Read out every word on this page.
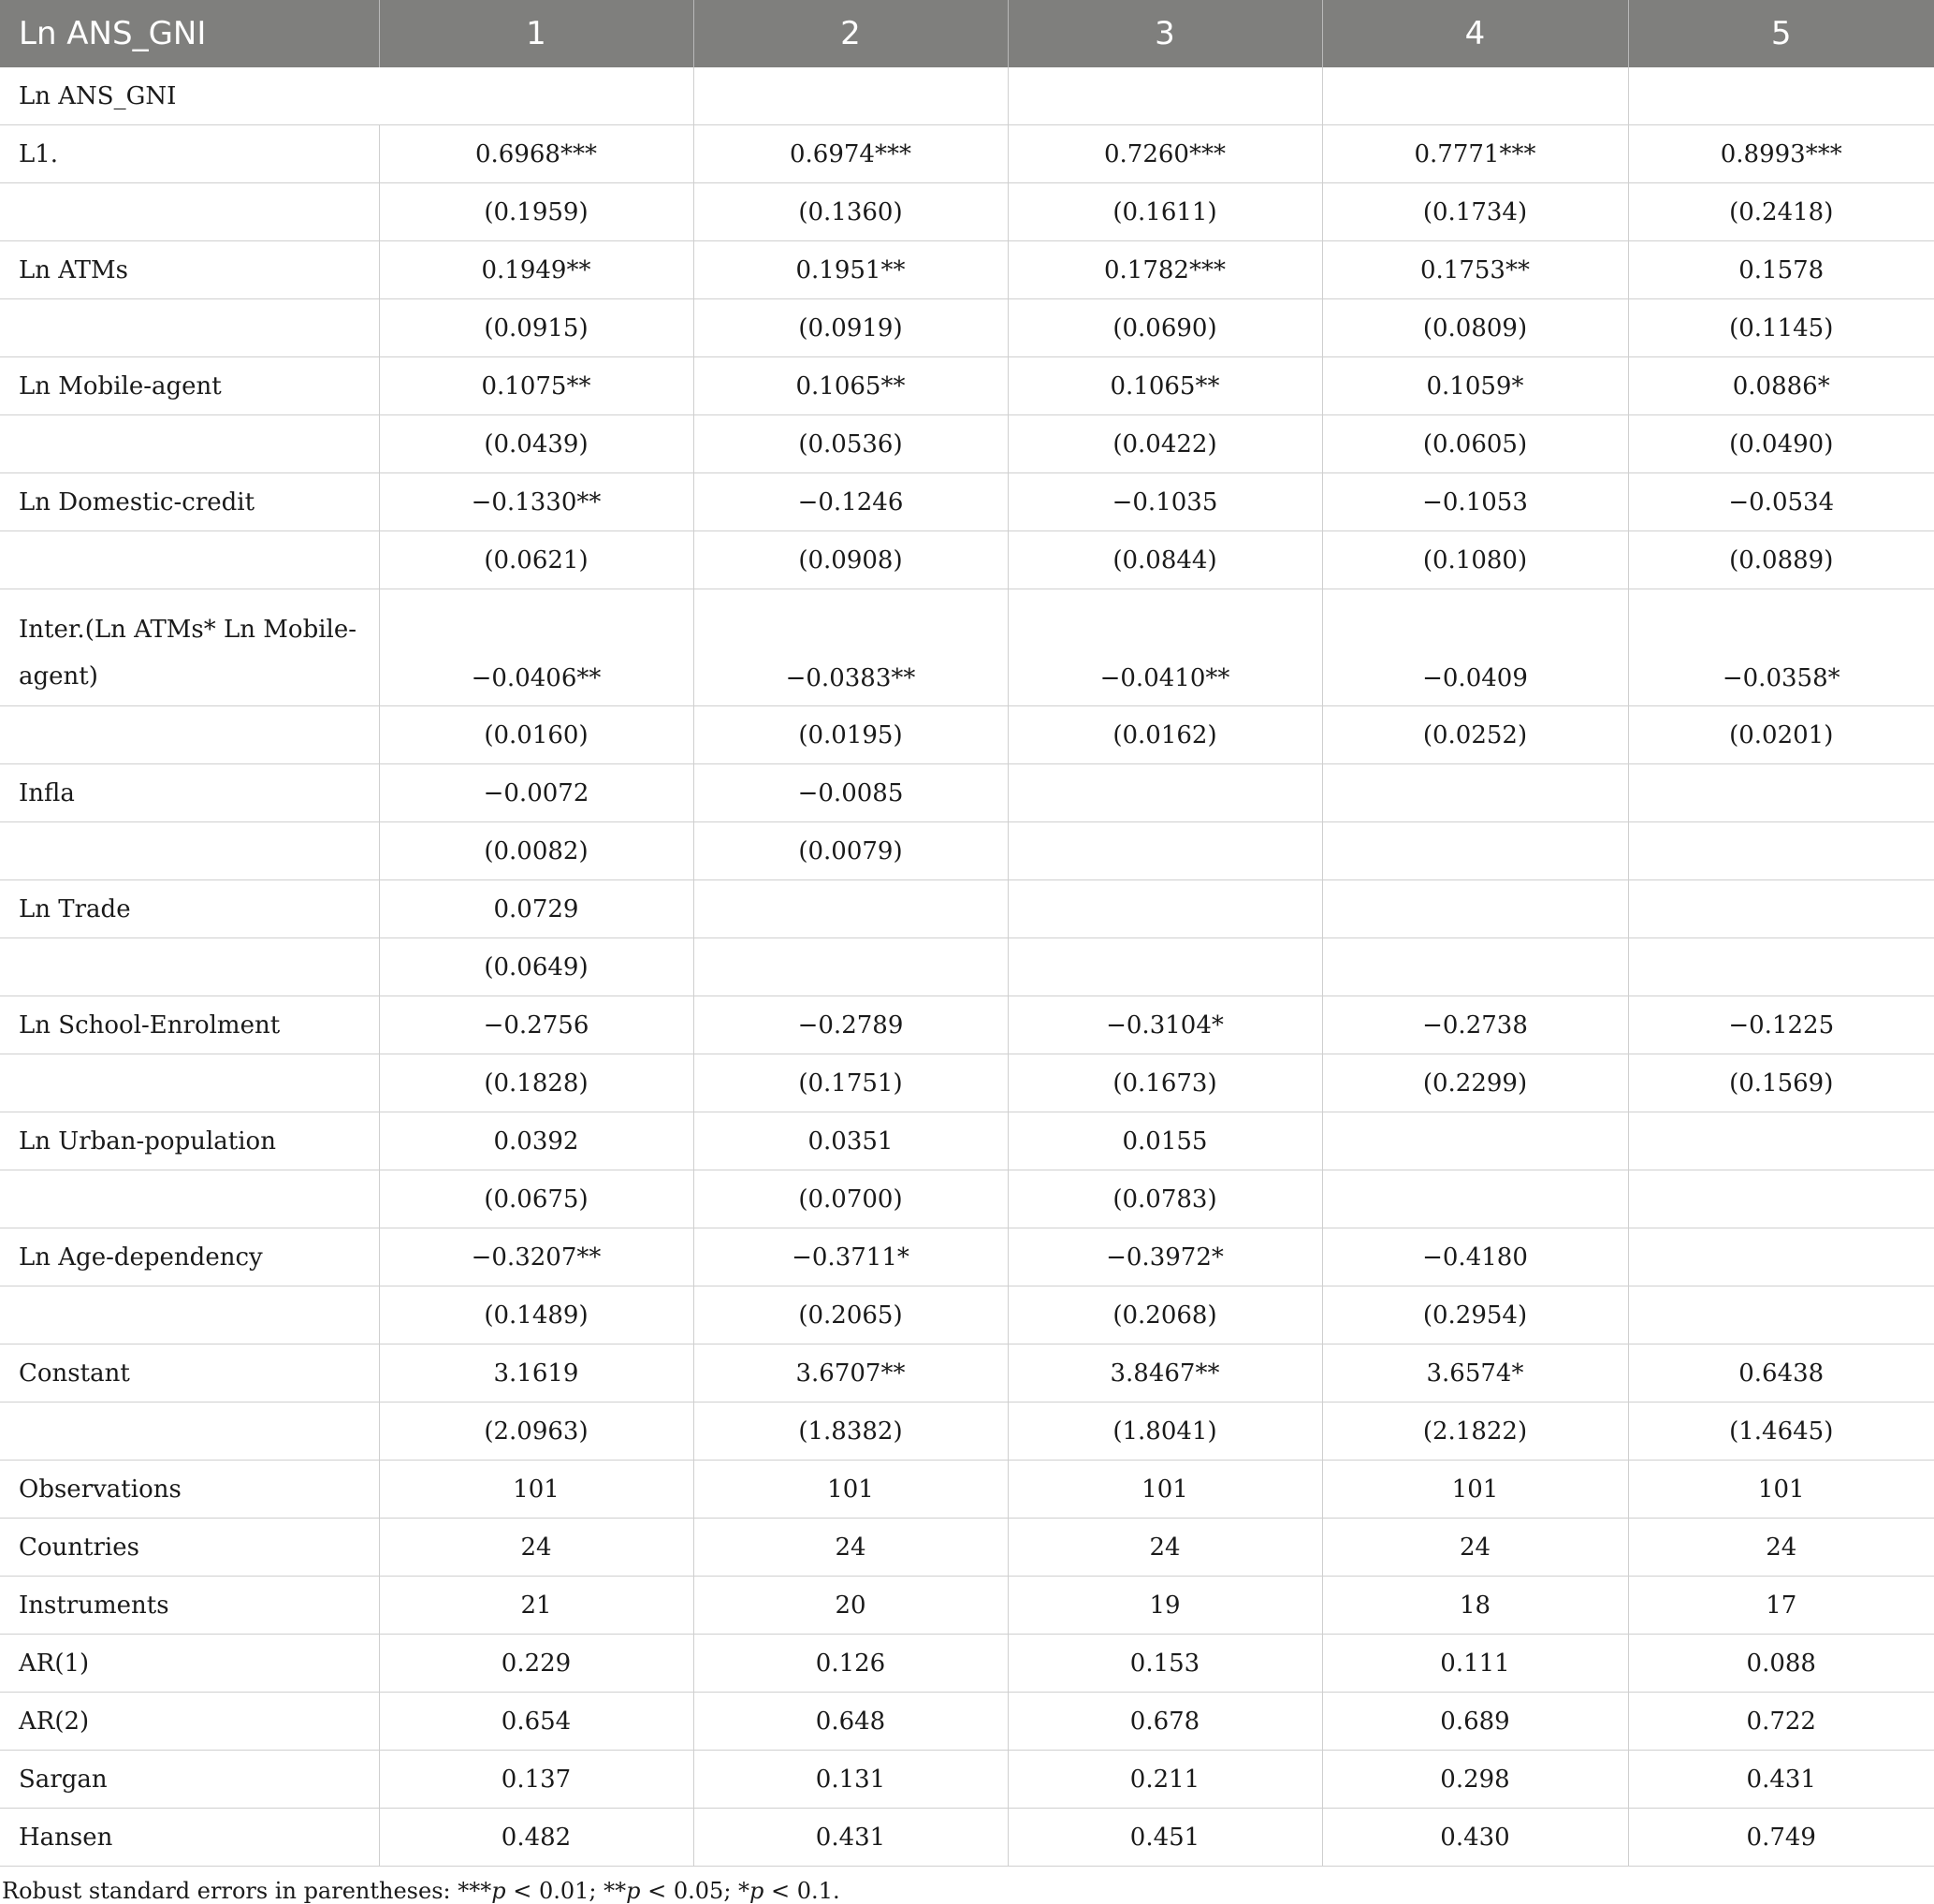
Ln ANS_GNI	1	2	3	4	5
Ln ANS_GNI					
L1.	0.6968***	0.6974***	0.7260***	0.7771***	0.8993***
	(0.1959)	(0.1360)	(0.1611)	(0.1734)	(0.2418)
Ln ATMs	0.1949**	0.1951**	0.1782***	0.1753**	0.1578
	(0.0915)	(0.0919)	(0.0690)	(0.0809)	(0.1145)
Ln Mobile-agent	0.1075**	0.1065**	0.1065**	0.1059*	0.0886*
	(0.0439)	(0.0536)	(0.0422)	(0.0605)	(0.0490)
Ln Domestic-credit	−0.1330**	−0.1246	−0.1035	−0.1053	−0.0534
	(0.0621)	(0.0908)	(0.0844)	(0.1080)	(0.0889)
Inter.(Ln ATMs* Ln Mobile-agent)	−0.0406**	−0.0383**	−0.0410**	−0.0409	−0.0358*
	(0.0160)	(0.0195)	(0.0162)	(0.0252)	(0.0201)
Infla	−0.0072	−0.0085			
	(0.0082)	(0.0079)			
Ln Trade	0.0729				
	(0.0649)				
Ln School-Enrolment	−0.2756	−0.2789	−0.3104*	−0.2738	−0.1225
	(0.1828)	(0.1751)	(0.1673)	(0.2299)	(0.1569)
Ln Urban-population	0.0392	0.0351	0.0155		
	(0.0675)	(0.0700)	(0.0783)		
Ln Age-dependency	−0.3207**	−0.3711*	−0.3972*	−0.4180	
	(0.1489)	(0.2065)	(0.2068)	(0.2954)	
Constant	3.1619	3.6707**	3.8467**	3.6574*	0.6438
	(2.0963)	(1.8382)	(1.8041)	(2.1822)	(1.4645)
Observations	101	101	101	101	101
Countries	24	24	24	24	24
Instruments	21	20	19	18	17
AR(1)	0.229	0.126	0.153	0.111	0.088
AR(2)	0.654	0.648	0.678	0.689	0.722
Sargan	0.137	0.131	0.211	0.298	0.431
Hansen	0.482	0.431	0.451	0.430	0.749
Robust standard errors in parentheses: ***p < 0.01; **p < 0.05; *p < 0.1.
